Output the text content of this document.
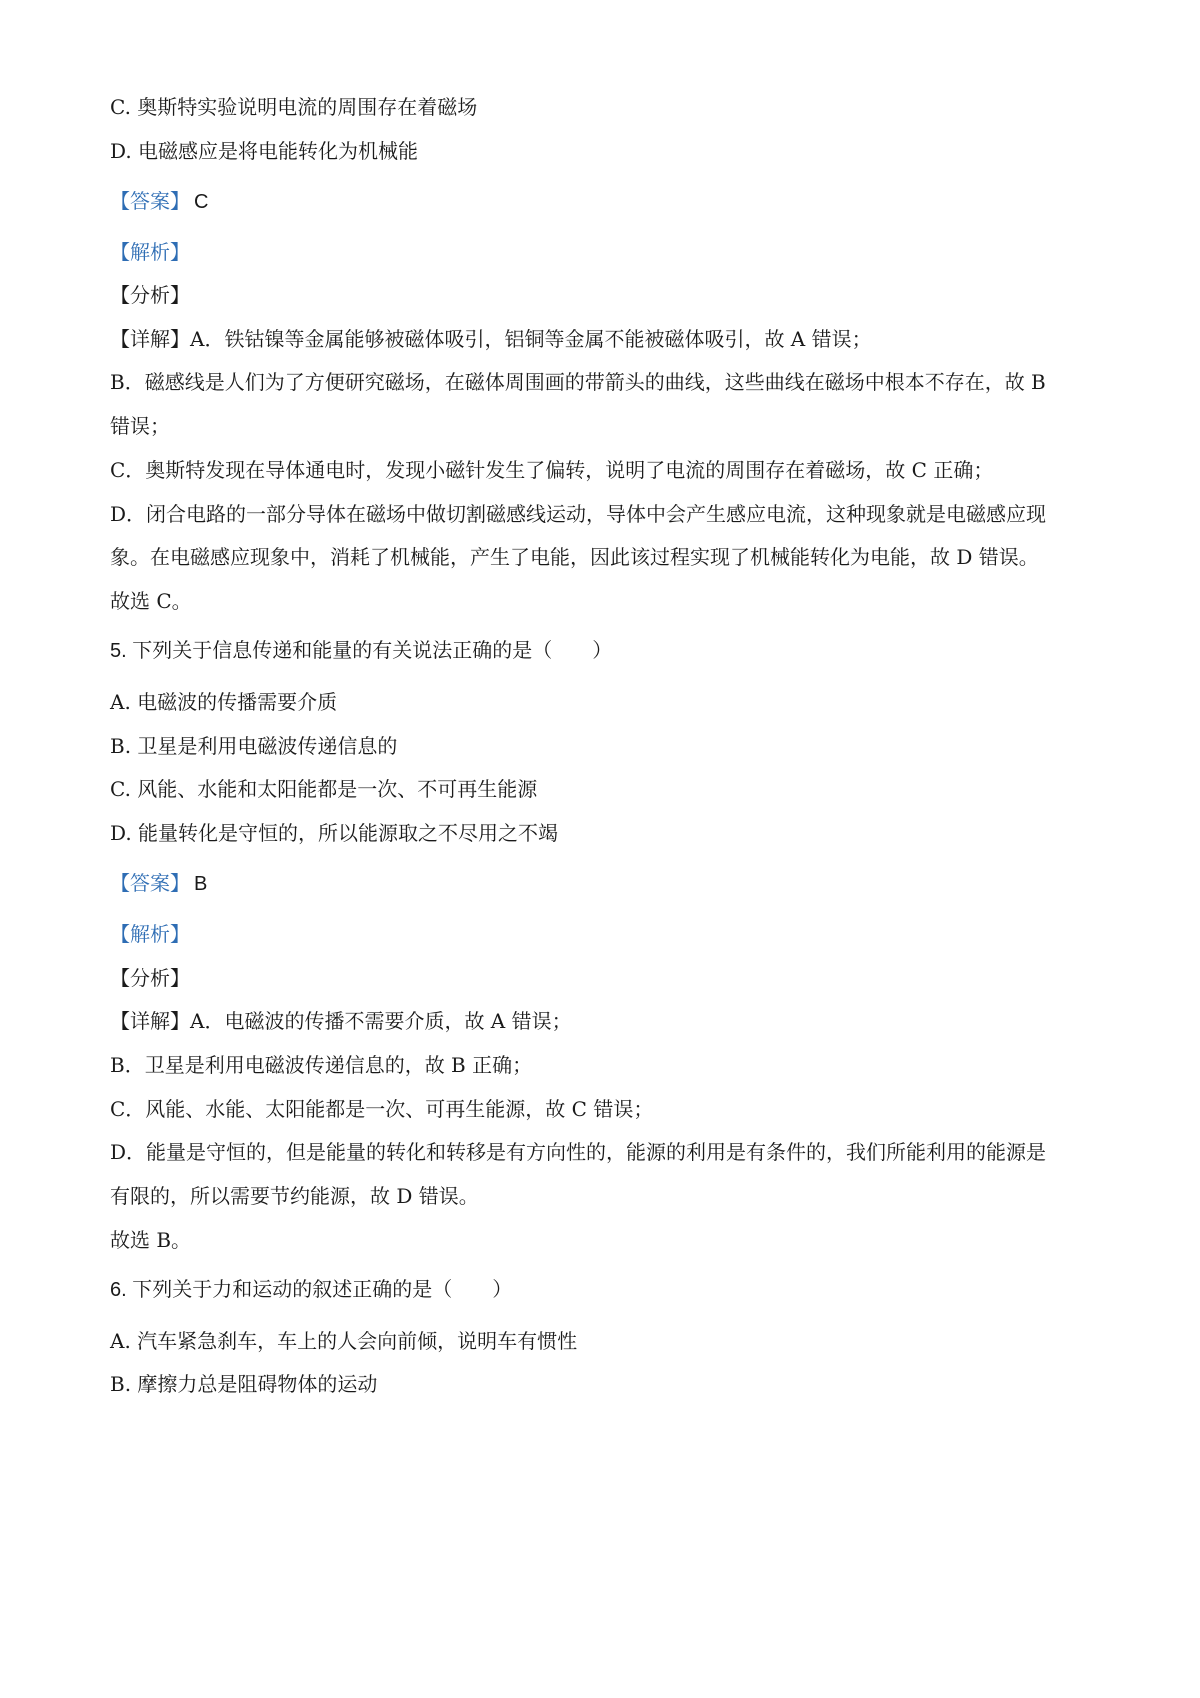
C. 奥斯特实验说明电流的周围存在着磁场
D. 电磁感应是将电能转化为机械能
【答案】 C
【解析】
【分析】
【详解】A．铁钴镍等金属能够被磁体吸引，铝铜等金属不能被磁体吸引，故 A 错误；
B．磁感线是人们为了方便研究磁场，在磁体周围画的带箭头的曲线，这些曲线在磁场中根本不存在，故 B
错误；
C．奥斯特发现在导体通电时，发现小磁针发生了偏转，说明了电流的周围存在着磁场，故 C 正确；
D．闭合电路的一部分导体在磁场中做切割磁感线运动，导体中会产生感应电流，这种现象就是电磁感应现
象。在电磁感应现象中，消耗了机械能，产生了电能，因此该过程实现了机械能转化为电能，故 D 错误。
故选 C。
5. 下列关于信息传递和能量的有关说法正确的是（　　）
A. 电磁波的传播需要介质
B. 卫星是利用电磁波传递信息的
C. 风能、水能和太阳能都是一次、不可再生能源
D. 能量转化是守恒的，所以能源取之不尽用之不竭
【答案】 B
【解析】
【分析】
【详解】A．电磁波的传播不需要介质，故 A 错误；
B．卫星是利用电磁波传递信息的，故 B 正确；
C．风能、水能、太阳能都是一次、可再生能源，故 C 错误；
D．能量是守恒的，但是能量的转化和转移是有方向性的，能源的利用是有条件的，我们所能利用的能源是
有限的，所以需要节约能源，故 D 错误。
故选 B。
6. 下列关于力和运动的叙述正确的是（　　）
A. 汽车紧急刹车，车上的人会向前倾，说明车有惯性
B. 摩擦力总是阻碍物体的运动
